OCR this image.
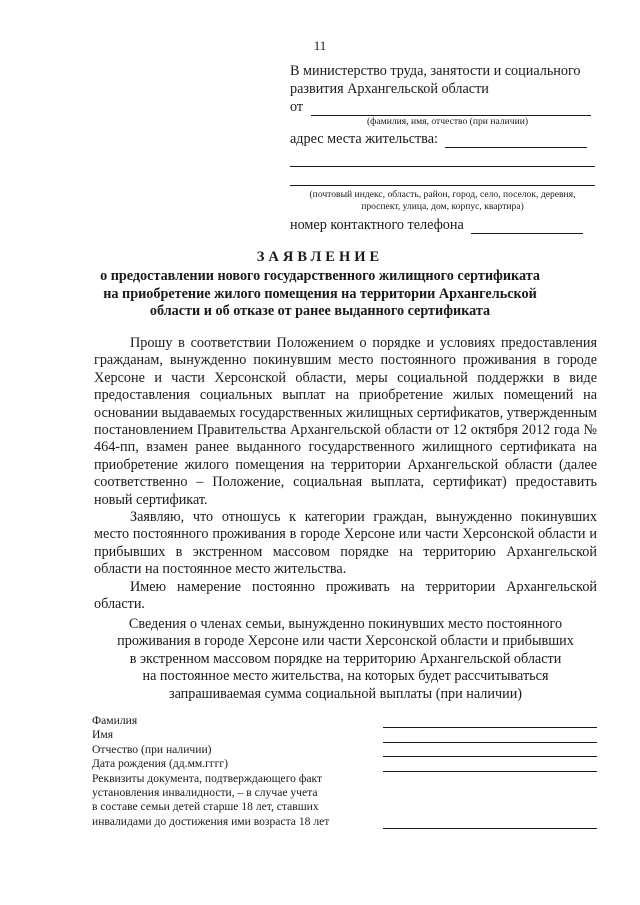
11

В министерство труда, занятости и социального

развития Архангельской области

от

(фамилия, имя, отчество (при наличии)

адрес места жительства:

(почтовый индекс, область, район, город, село, поселок, деревня,
проспект, улица, дом, корпус, квартира)

номер контактного телефона

ЗАЯВЛЕНИЕ
о предоставлении нового государственного жилищного сертификата
на приобретение жилого помещения на территории Архангельской
области и об отказе от ранее выданного сертификата

Прошу в соответствии Положением о порядке и условиях предоставления гражданам, вынужденно покинувшим место постоянного проживания в городе Херсоне и части Херсонской области, меры социальной поддержки в виде предоставления социальных выплат на приобретение жилых помещений на основании выдаваемых государственных жилищных сертификатов, утвержденным постановлением Правительства Архангельской области от 12 октября 2012 года № 464-пп, взамен ранее выданного государственного жилищного сертификата на приобретение жилого помещения на территории Архангельской области (далее соответственно – Положение, социальная выплата, сертификат) предоставить новый сертификат.

Заявляю, что отношусь к категории граждан, вынужденно покинувших место постоянного проживания в городе Херсоне или части Херсонской области и прибывших в экстренном массовом порядке на территорию Архангельской области на постоянное место жительства.

Имею намерение постоянно проживать на территории Архангельской области.

Сведения о членах семьи, вынужденно покинувших место постоянного
проживания в городе Херсоне или части Херсонской области и прибывших
в экстренном массовом порядке на территорию Архангельской области
на постоянное место жительства, на которых будет рассчитываться
запрашиваемая сумма социальной выплаты (при наличии)
Фамилия
Имя
Отчество (при наличии)
Дата рождения (дд.мм.гггг)
Реквизиты документа, подтверждающего факт
установления инвалидности, – в случае учета
в составе семьи детей старше 18 лет, ставших
инвалидами до достижения ими возраста 18 лет
